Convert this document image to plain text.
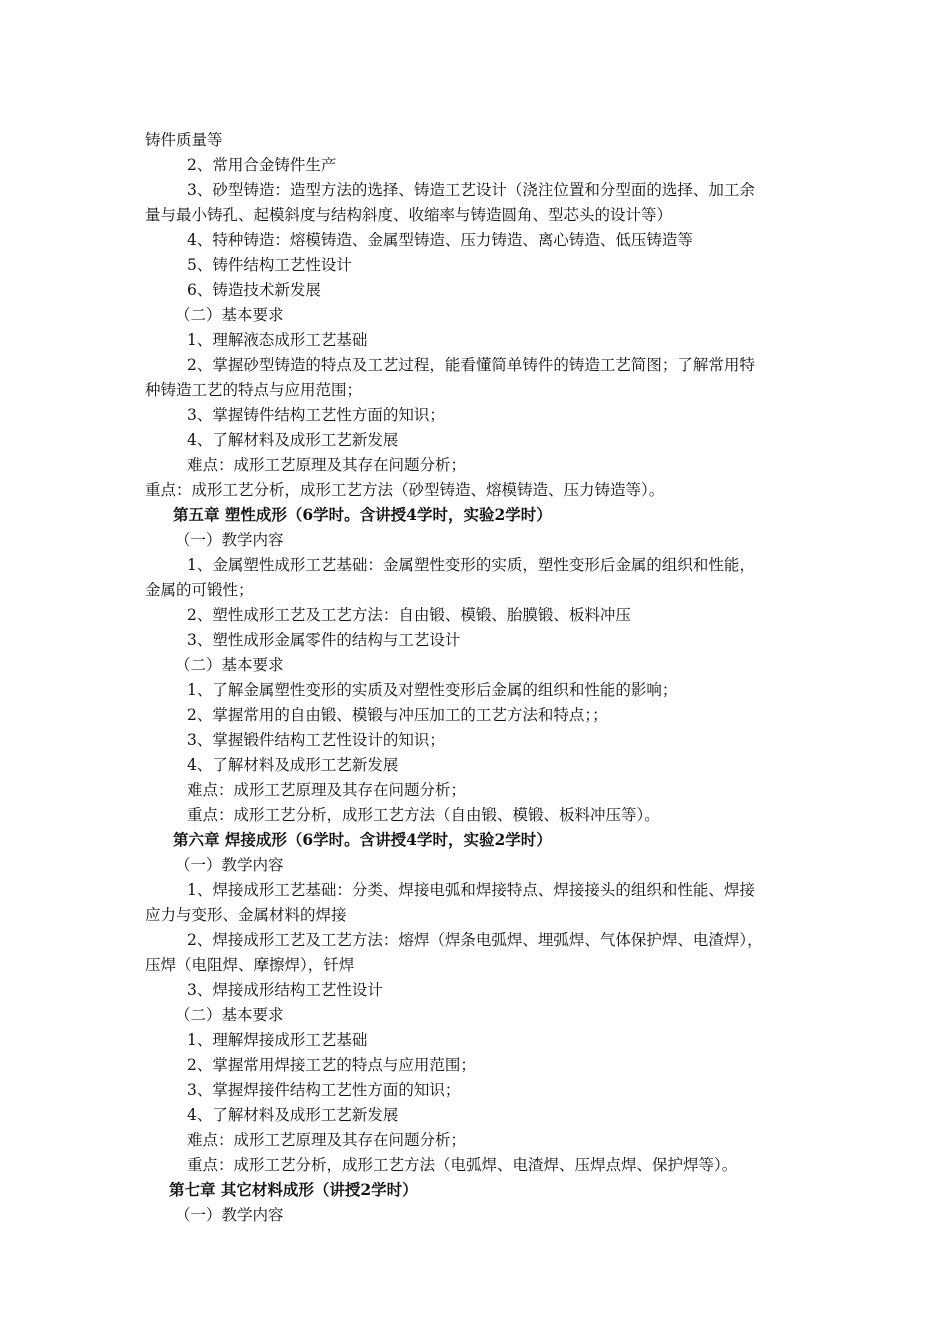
铸件质量等
2、常用合金铸件生产
3、砂型铸造：造型方法的选择、铸造工艺设计（浇注位置和分型面的选择、加工余
量与最小铸孔、起模斜度与结构斜度、收缩率与铸造圆角、型芯头的设计等）
4、特种铸造：熔模铸造、金属型铸造、压力铸造、离心铸造、低压铸造等
5、铸件结构工艺性设计
6、铸造技术新发展
（二）基本要求
1、理解液态成形工艺基础
2、掌握砂型铸造的特点及工艺过程，能看懂简单铸件的铸造工艺简图；了解常用特
种铸造工艺的特点与应用范围；
3、掌握铸件结构工艺性方面的知识；
4、了解材料及成形工艺新发展
难点：成形工艺原理及其存在问题分析；
重点：成形工艺分析，成形工艺方法（砂型铸造、熔模铸造、压力铸造等）。
第五章 塑性成形（6学时。含讲授4学时，实验2学时）
（一）教学内容
1、金属塑性成形工艺基础：金属塑性变形的实质，塑性变形后金属的组织和性能，
金属的可锻性；
2、塑性成形工艺及工艺方法：自由锻、模锻、胎膜锻、板料冲压
3、塑性成形金属零件的结构与工艺设计
（二）基本要求
1、了解金属塑性变形的实质及对塑性变形后金属的组织和性能的影响；
2、掌握常用的自由锻、模锻与冲压加工的工艺方法和特点；；
3、掌握锻件结构工艺性设计的知识；
4、了解材料及成形工艺新发展
难点：成形工艺原理及其存在问题分析；
重点：成形工艺分析，成形工艺方法（自由锻、模锻、板料冲压等）。
第六章 焊接成形（6学时。含讲授4学时，实验2学时）
（一）教学内容
1、焊接成形工艺基础：分类、焊接电弧和焊接特点、焊接接头的组织和性能、焊接
应力与变形、金属材料的焊接
2、焊接成形工艺及工艺方法：熔焊（焊条电弧焊、埋弧焊、气体保护焊、电渣焊），
压焊（电阻焊、摩擦焊），钎焊
3、焊接成形结构工艺性设计
（二）基本要求
1、理解焊接成形工艺基础
2、掌握常用焊接工艺的特点与应用范围；
3、掌握焊接件结构工艺性方面的知识；
4、了解材料及成形工艺新发展
难点：成形工艺原理及其存在问题分析；
重点：成形工艺分析，成形工艺方法（电弧焊、电渣焊、压焊点焊、保护焊等）。
第七章 其它材料成形（讲授2学时）
（一）教学内容
